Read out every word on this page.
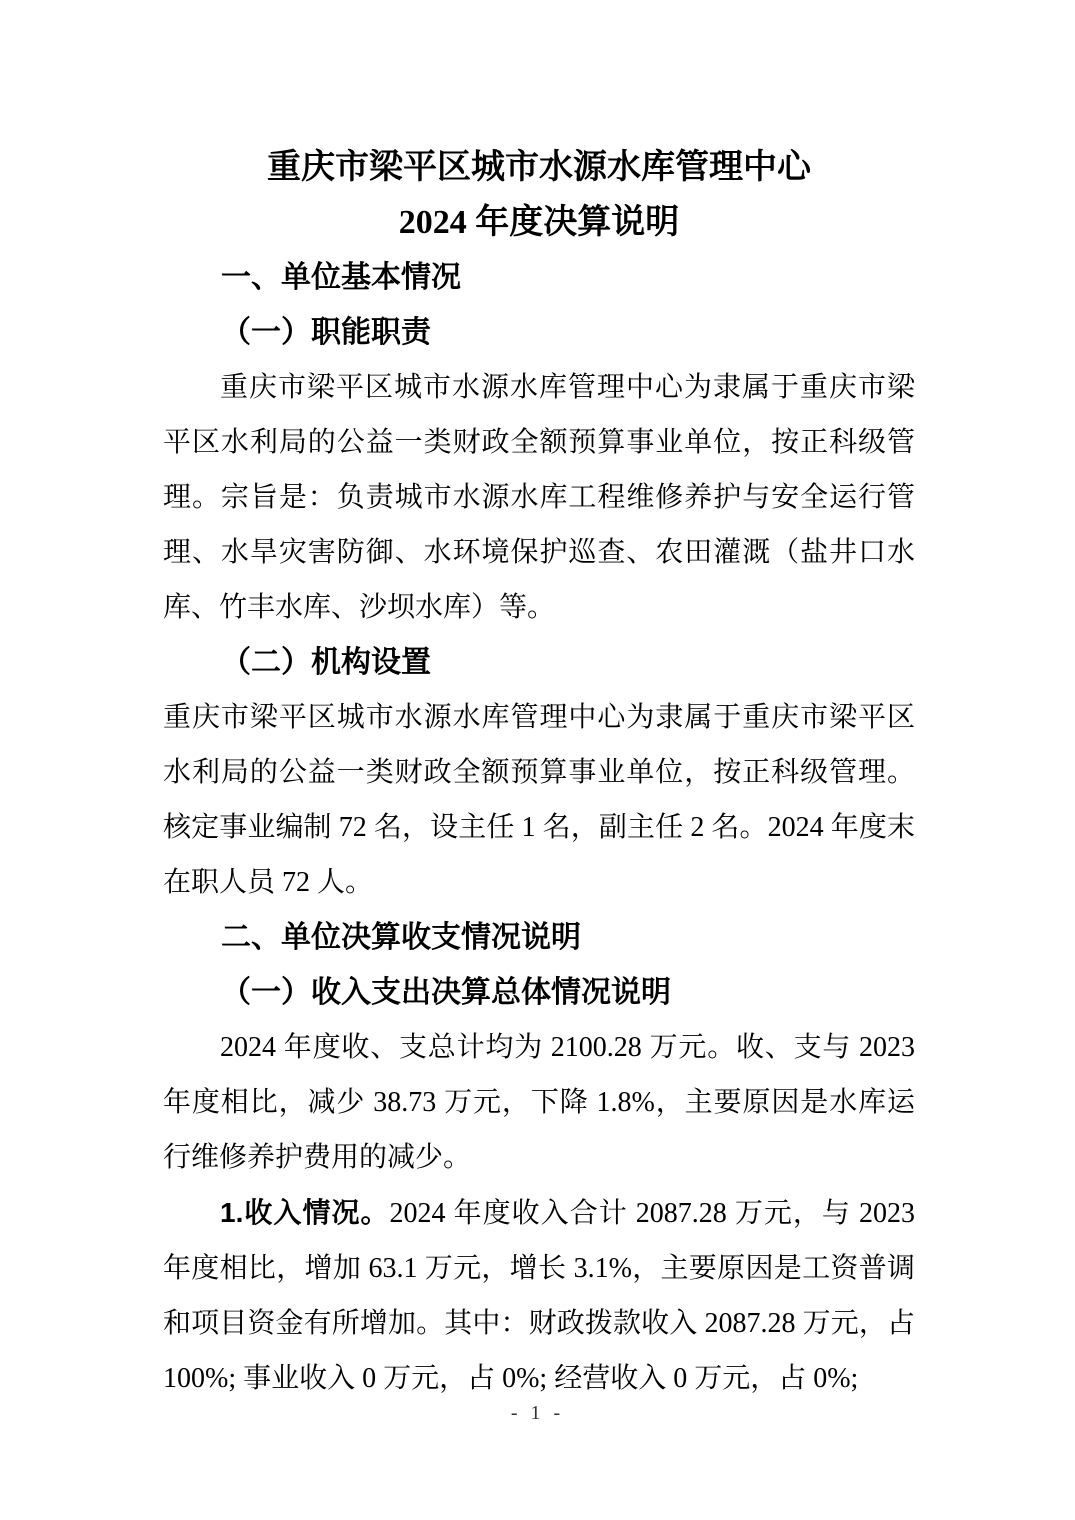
重庆市梁平区城市水源水库管理中心
2024 年度决算说明
一、单位基本情况
（一）职能职责

重庆市梁平区城市水源水库管理中心为隶属于重庆市梁平区水利局的公益一类财政全额预算事业单位，按正科级管理。宗旨是：负责城市水源水库工程维修养护与安全运行管理、水旱灾害防御、水环境保护巡查、农田灌溉（盐井口水库、竹丰水库、沙坝水库）等。

（二）机构设置

重庆市梁平区城市水源水库管理中心为隶属于重庆市梁平区水利局的公益一类财政全额预算事业单位，按正科级管理。核定事业编制 72 名，设主任 1 名，副主任 2 名。2024 年度末在职人员 72 人。

二、单位决算收支情况说明
（一）收入支出决算总体情况说明

2024 年度收、支总计均为 2100.28 万元。收、支与 2023 年度相比，减少 38.73 万元，下降 1.8%，主要原因是水库运行维修养护费用的减少。

1.收入情况。2024 年度收入合计 2087.28 万元，与 2023 年度相比，增加 63.1 万元，增长 3.1%，主要原因是工资普调和项目资金有所增加。其中：财政拨款收入 2087.28 万元，占 100%; 事业收入 0 万元，占 0%; 经营收入 0 万元，占 0%;

- 1 -
